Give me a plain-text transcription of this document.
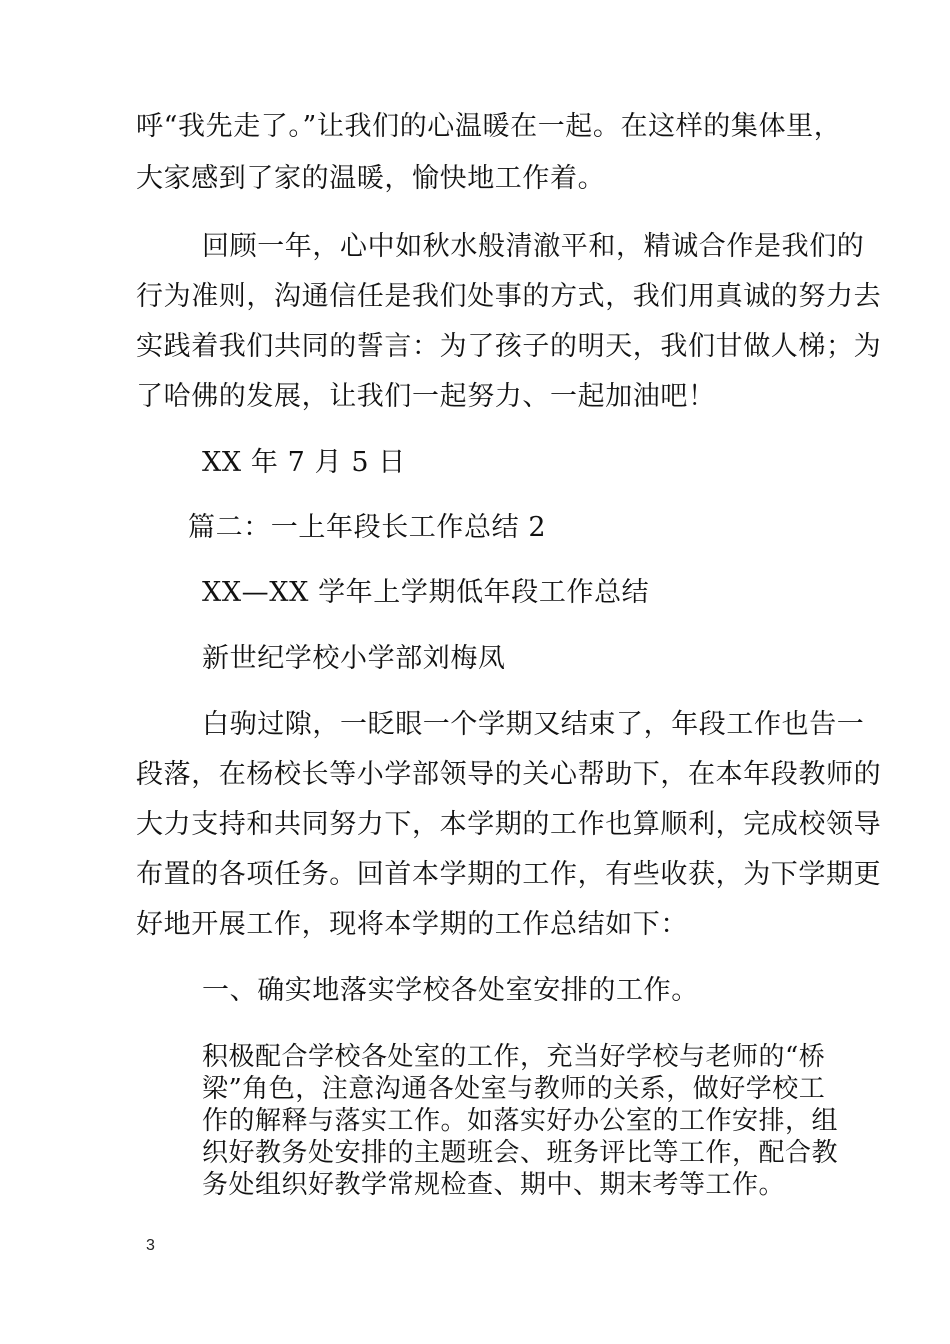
呼“我先走了。”让我们的心温暖在一起。在这样的集体里，
大家感到了家的温暖，愉快地工作着。
回顾一年，心中如秋水般清澈平和，精诚合作是我们的
行为准则，沟通信任是我们处事的方式，我们用真诚的努力去
实践着我们共同的誓言：为了孩子的明天，我们甘做人梯；为
了哈佛的发展，让我们一起努力、一起加油吧！
XX 年 7 月 5 日
篇二：一上年段长工作总结 2
XX—XX 学年上学期低年段工作总结
新世纪学校小学部刘梅凤
白驹过隙，一眨眼一个学期又结束了，年段工作也告一
段落，在杨校长等小学部领导的关心帮助下，在本年段教师的
大力支持和共同努力下，本学期的工作也算顺利，完成校领导
布置的各项任务。回首本学期的工作，有些收获，为下学期更
好地开展工作，现将本学期的工作总结如下：
一、确实地落实学校各处室安排的工作。
积极配合学校各处室的工作，充当好学校与老师的“桥
梁”角色，注意沟通各处室与教师的关系，做好学校工
作的解释与落实工作。如落实好办公室的工作安排，组
织好教务处安排的主题班会、班务评比等工作，配合教
务处组织好教学常规检查、期中、期末考等工作。
3
